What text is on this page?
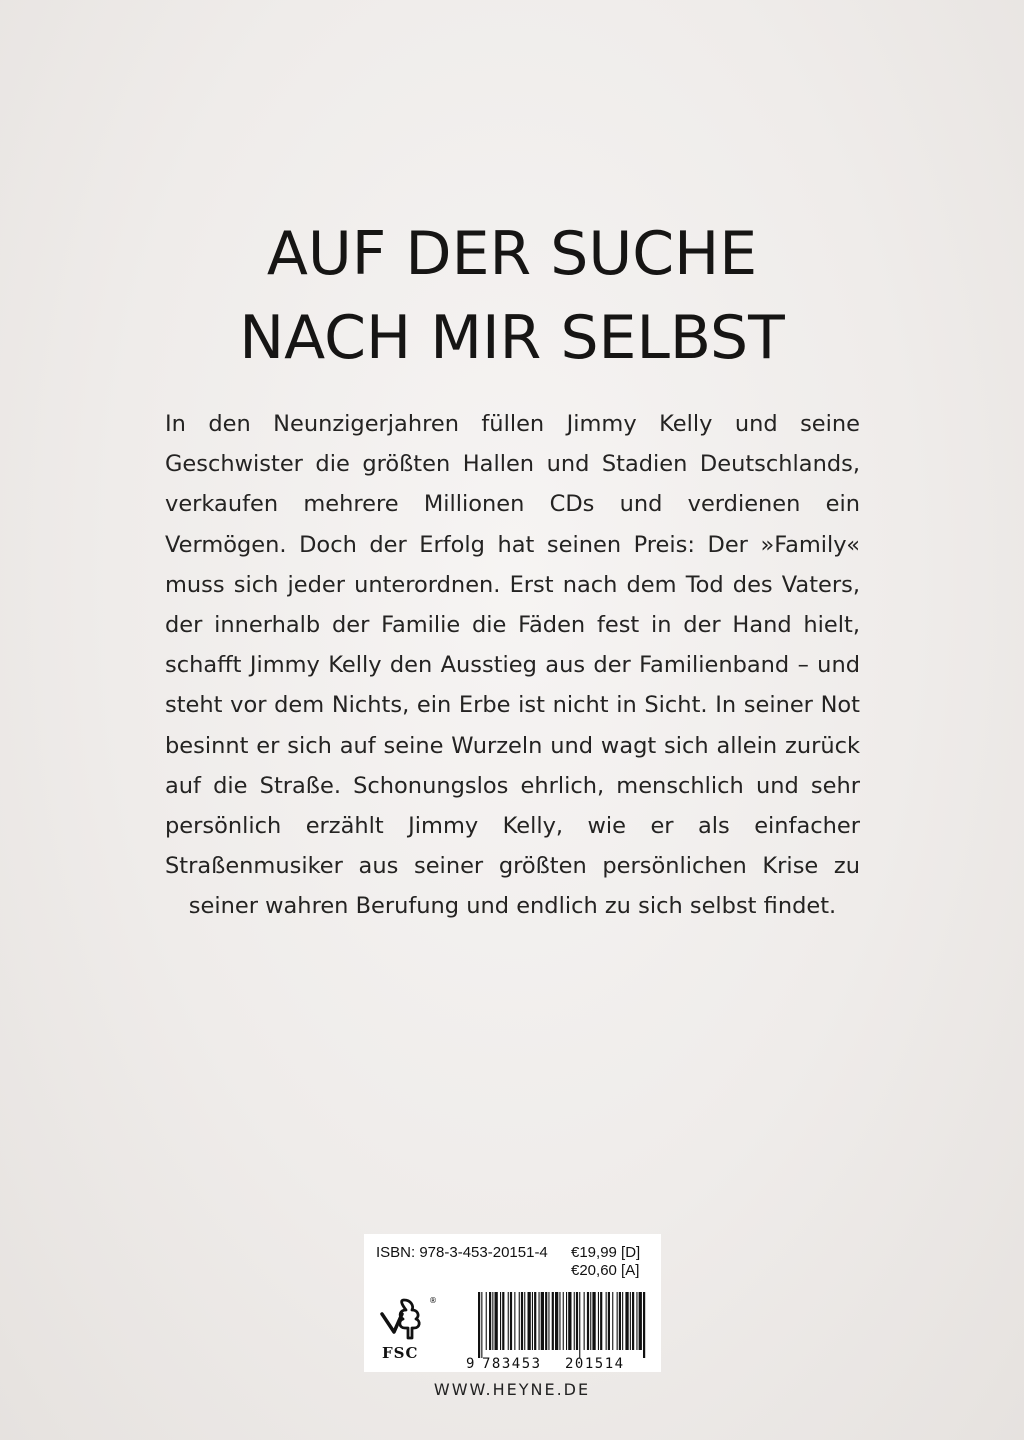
AUF DER SUCHE
NACH MIR SELBST

In den Neunzigerjahren füllen Jimmy Kelly und seine Geschwister die größten Hallen und Stadien Deutschlands, verkaufen mehrere Millionen CDs und verdienen ein Vermögen. Doch der Erfolg hat seinen Preis: Der »Family« muss sich jeder unterordnen. Erst nach dem Tod des Vaters, der innerhalb der Familie die Fäden fest in der Hand hielt, schafft Jimmy Kelly den Ausstieg aus der Familienband – und steht vor dem Nichts, ein Erbe ist nicht in Sicht. In seiner Not besinnt er sich auf seine Wurzeln und wagt sich allein zurück auf die Straße. Schonungslos ehrlich, menschlich und sehr persönlich erzählt Jimmy Kelly, wie er als einfacher Straßenmusiker aus seiner größten persönlichen Krise zu seiner wahren Berufung und endlich zu sich selbst findet.

ISBN: 978-3-453-20151-4 €19,99 [D]
€20,60 [A]
®
FSC
9 783453 201514
WWW.HEYNE.DE
